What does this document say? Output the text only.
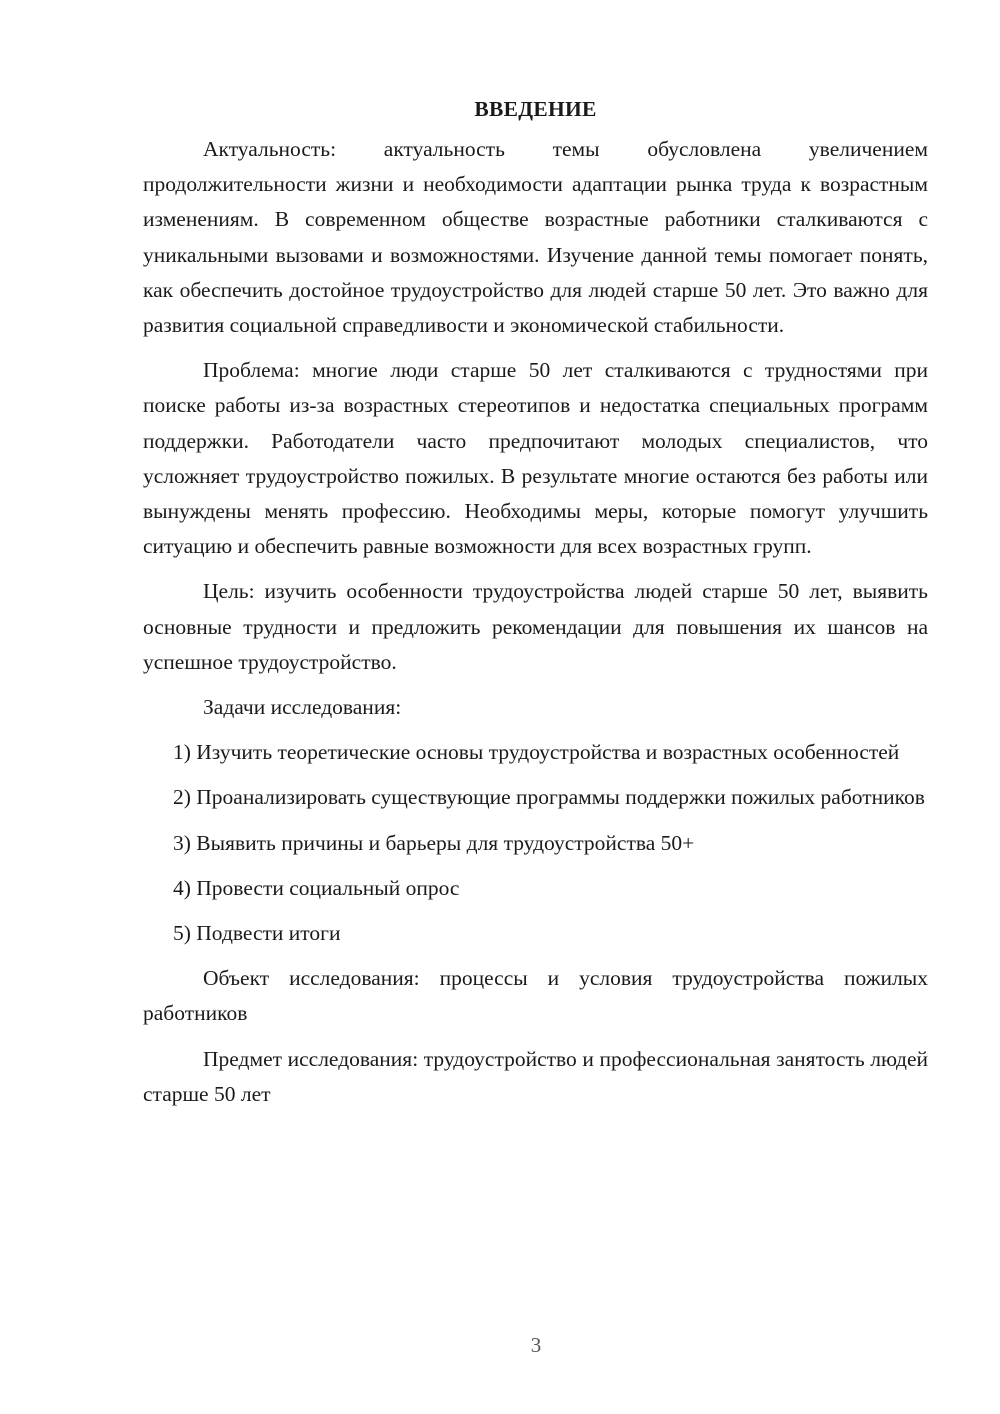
ВВЕДЕНИЕ

Актуальность: актуальность темы обусловлена увеличением продолжительности жизни и необходимости адаптации рынка труда к возрастным изменениям. В современном обществе возрастные работники сталкиваются с уникальными вызовами и возможностями. Изучение данной темы помогает понять, как обеспечить достойное трудоустройство для людей старше 50 лет. Это важно для развития социальной справедливости и экономической стабильности.

Проблема: многие люди старше 50 лет сталкиваются с трудностями при поиске работы из-за возрастных стереотипов и недостатка специальных программ поддержки. Работодатели часто предпочитают молодых специалистов, что усложняет трудоустройство пожилых. В результате многие остаются без работы или вынуждены менять профессию. Необходимы меры, которые помогут улучшить ситуацию и обеспечить равные возможности для всех возрастных групп.

Цель: изучить особенности трудоустройства людей старше 50 лет, выявить основные трудности и предложить рекомендации для повышения их шансов на успешное трудоустройство.

Задачи исследования:

1) Изучить теоретические основы трудоустройства и возрастных особенностей

2) Проанализировать существующие программы поддержки пожилых работников

3) Выявить причины и барьеры для трудоустройства 50+

4) Провести социальный опрос

5) Подвести итоги

Объект исследования: процессы и условия трудоустройства пожилых работников

Предмет исследования: трудоустройство и профессиональная занятость людей старше 50 лет

3
